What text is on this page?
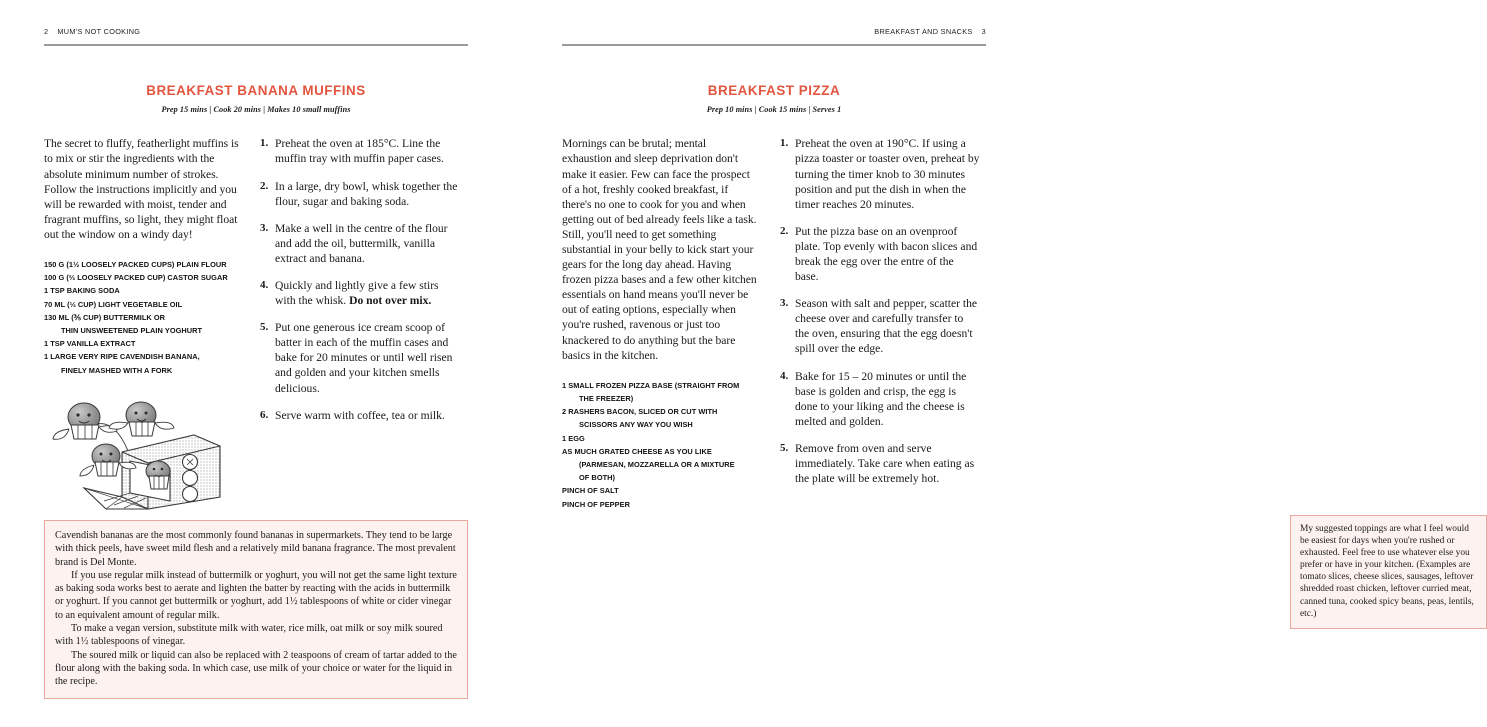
2 MUM'S NOT COOKING
BREAKFAST BANANA MUFFINS
Prep 15 mins | Cook 20 mins | Makes 10 small muffins

The secret to fluffy, featherlight muffins is to mix or stir the ingredients with the absolute minimum number of strokes. Follow the instructions implicitly and you will be rewarded with moist, tender and fragrant muffins, so light, they might float out the window on a windy day!

150 G (1½ LOOSELY PACKED CUPS) PLAIN FLOUR
100 G (⅔ LOOSELY PACKED CUP) CASTOR SUGAR
1 TSP BAKING SODA
70 ML (⅓ CUP) LIGHT VEGETABLE OIL
130 ML (⅗ CUP) BUTTERMILK OR
THIN UNSWEETENED PLAIN YOGHURT
1 TSP VANILLA EXTRACT
1 LARGE VERY RIPE CAVENDISH BANANA,
FINELY MASHED WITH A FORK
Preheat the oven at 185°C. Line the muffin tray with muffin paper cases.
In a large, dry bowl, whisk together the flour, sugar and baking soda.
Make a well in the centre of the flour and add the oil, buttermilk, vanilla extract and banana.
Quickly and lightly give a few stirs with the whisk. Do not over mix.
Put one generous ice cream scoop of batter in each of the muffin cases and bake for 20 minutes or until well risen and golden and your kitchen smells delicious.
Serve warm with coffee, tea or milk.

Cavendish bananas are the most commonly found bananas in supermarkets. They tend to be large with thick peels, have sweet mild flesh and a relatively mild banana fragrance. The most prevalent brand is Del Monte.

If you use regular milk instead of buttermilk or yoghurt, you will not get the same light texture as baking soda works best to aerate and lighten the batter by reacting with the acids in buttermilk or yoghurt. If you cannot get buttermilk or yoghurt, add 1½ tablespoons of white or cider vinegar to an equivalent amount of regular milk.

To make a vegan version, substitute milk with water, rice milk, oat milk or soy milk soured with 1½ tablespoons of vinegar.

The soured milk or liquid can also be replaced with 2 teaspoons of cream of tartar added to the flour along with the baking soda. In which case, use milk of your choice or water for the liquid in the recipe.

BREAKFAST AND SNACKS 3
BREAKFAST PIZZA
Prep 10 mins | Cook 15 mins | Serves 1

Mornings can be brutal; mental exhaustion and sleep deprivation don't make it easier. Few can face the prospect of a hot, freshly cooked breakfast, if there's no one to cook for you and when getting out of bed already feels like a task. Still, you'll need to get something substantial in your belly to kick start your gears for the long day ahead. Having frozen pizza bases and a few other kitchen essentials on hand means you'll never be out of eating options, especially when you're rushed, ravenous or just too knackered to do anything but the bare basics in the kitchen.

1 SMALL FROZEN PIZZA BASE (STRAIGHT FROM
THE FREEZER)
2 RASHERS BACON, SLICED OR CUT WITH
SCISSORS ANY WAY YOU WISH
1 EGG
AS MUCH GRATED CHEESE AS YOU LIKE
(PARMESAN, MOZZARELLA OR A MIXTURE
OF BOTH)
PINCH OF SALT
PINCH OF PEPPER
Preheat the oven at 190°C. If using a pizza toaster or toaster oven, preheat by turning the timer knob to 30 minutes position and put the dish in when the timer reaches 20 minutes.
Put the pizza base on an ovenproof plate. Top evenly with bacon slices and break the egg over the entre of the base.
Season with salt and pepper, scatter the cheese over and carefully transfer to the oven, ensuring that the egg doesn't spill over the edge.
Bake for 15 – 20 minutes or until the base is golden and crisp, the egg is done to your liking and the cheese is melted and golden.
Remove from oven and serve immediately. Take care when eating as the plate will be extremely hot.

My suggested toppings are what I feel would be easiest for days when you're rushed or exhausted. Feel free to use whatever else you prefer or have in your kitchen. (Examples are tomato slices, cheese slices, sausages, leftover shredded roast chicken, leftover curried meat, canned tuna, cooked spicy beans, peas, lentils, etc.)
